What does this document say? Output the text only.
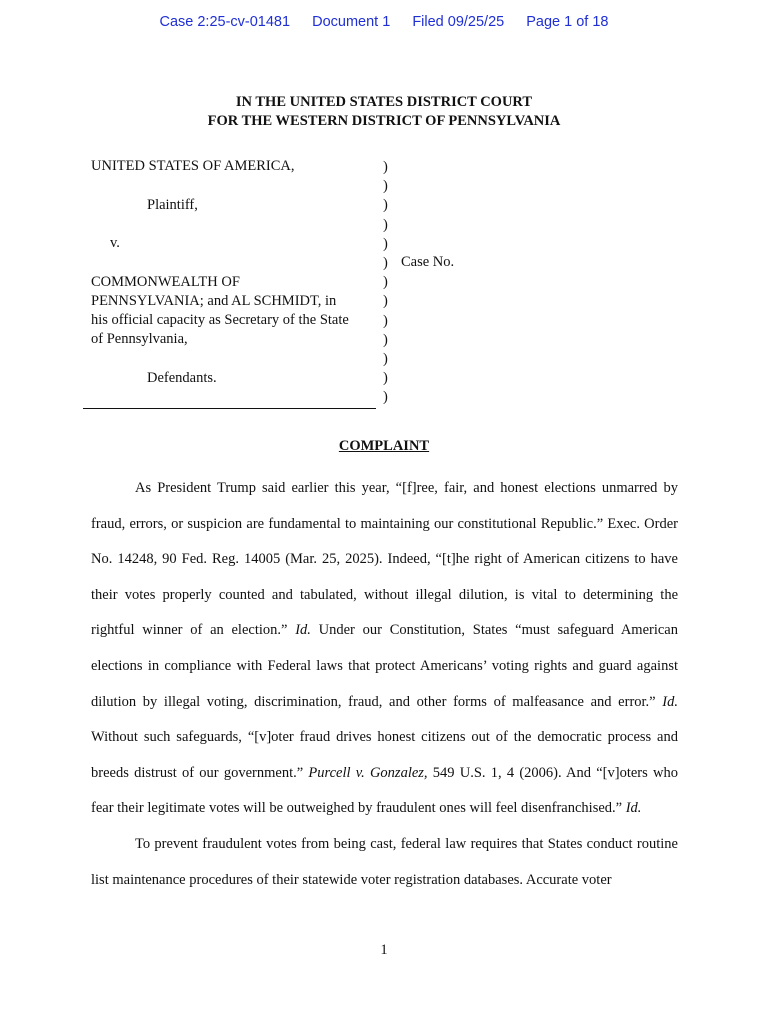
Case 2:25-cv-01481 Document 1 Filed 09/25/25 Page 1 of 18
IN THE UNITED STATES DISTRICT COURT
FOR THE WESTERN DISTRICT OF PENNSYLVANIA
UNITED STATES OF AMERICA,
Plaintiff,
v.
COMMONWEALTH OF
PENNSYLVANIA; and AL SCHMIDT, in
his official capacity as Secretary of the State
of Pennsylvania,
Defendants.
)
)
)
)
)
)
)
)
)
)
)
)
)
Case No.
COMPLAINT

As President Trump said earlier this year, “[f]ree, fair, and honest elections unmarred by fraud, errors, or suspicion are fundamental to maintaining our constitutional Republic.” Exec. Order No. 14248, 90 Fed. Reg. 14005 (Mar. 25, 2025). Indeed, “[t]he right of American citizens to have their votes properly counted and tabulated, without illegal dilution, is vital to determining the rightful winner of an election.” Id. Under our Constitution, States “must safeguard American elections in compliance with Federal laws that protect Americans’ voting rights and guard against dilution by illegal voting, discrimination, fraud, and other forms of malfeasance and error.” Id. Without such safeguards, “[v]oter fraud drives honest citizens out of the democratic process and breeds distrust of our government.” Purcell v. Gonzalez, 549 U.S. 1, 4 (2006). And “[v]oters who fear their legitimate votes will be outweighed by fraudulent ones will feel disenfranchised.” Id.

To prevent fraudulent votes from being cast, federal law requires that States conduct routine list maintenance procedures of their statewide voter registration databases. Accurate voter

1
